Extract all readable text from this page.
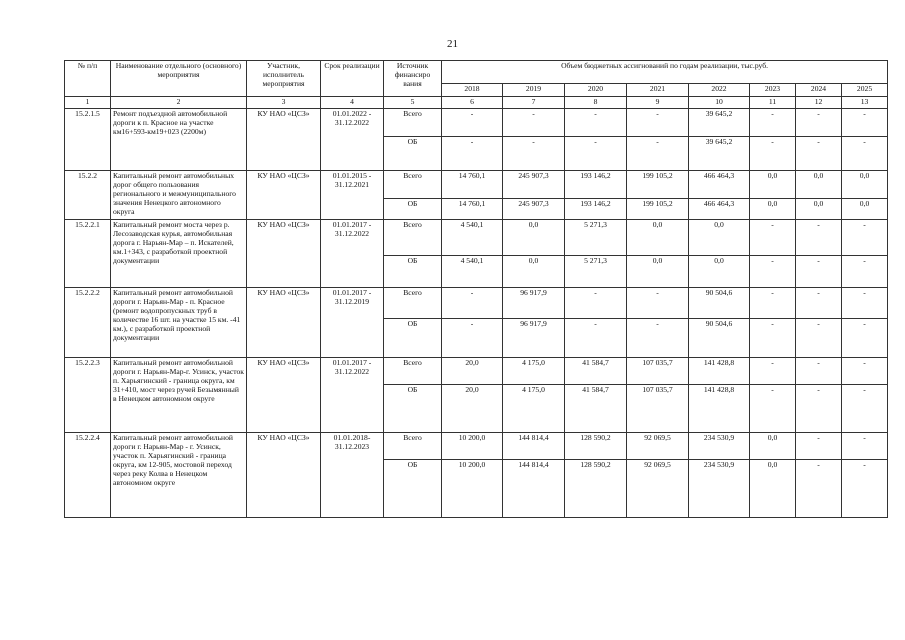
21
№ п/п	Наименование отдельного (основного) мероприятия	Участник, исполнитель мероприятия	Срок реализации	Источник финансиро вания	Объем бюджетных ассигнований по годам реализации, тыс.руб.							
					2018	2019	2020	2021	2022	2023	2024	2025
1	2	3	4	5	6	7	8	9	10	11	12	13
15.2.1.5	Ремонт подъездной автомобильной дороги к п. Красное на участке км16+593-км19+023 (2200м)	КУ НАО «ЦСЗ»	01.01.2022 - 31.12.2022	Всего	-	-	-	-	39 645,2	-	-	-
				ОБ	-	-	-	-	39 645,2	-	-	-
15.2.2	Капитальный ремонт автомобильных дорог общего пользования регионального и межмуниципального значения Ненецкого автономного округа	КУ НАО «ЦСЗ»	01.01.2015 - 31.12.2021	Всего	14 760,1	245 907,3	193 146,2	199 105,2	466 464,3	0,0	0,0	0,0
				ОБ	14 760,1	245 907,3	193 146,2	199 105,2	466 464,3	0,0	0,0	0,0
15.2.2.1	Капитальный ремонт моста через р. Лесозаводская курья, автомобильная дорога г. Нарьян-Мар – п. Искателей, км.1+343, с разработкой проектной документации	КУ НАО «ЦСЗ»	01.01.2017 - 31.12.2022	Всего	4 540,1	0,0	5 271,3	0,0	0,0	-	-	-
				ОБ	4 540,1	0,0	5 271,3	0,0	0,0	-	-	-
15.2.2.2	Капитальный ремонт автомобильной дороги г. Нарьян-Мар - п. Красное (ремонт водопропускных труб в количестве 16 шт. на участке 15 км. -41 км.), с разработкой проектной документации	КУ НАО «ЦСЗ»	01.01.2017 - 31.12.2019	Всего	-	96 917,9	-	-	90 504,6	-	-	-
				ОБ	-	96 917,9	-	-	90 504,6	-	-	-
15.2.2.3	Капитальный ремонт автомобильной дороги г. Нарьян-Мар-г. Усинск, участок п. Харьягинский - граница округа, км 31+410, мост через ручей Безымянный в Ненецком автономном округе	КУ НАО «ЦСЗ»	01.01.2017 - 31.12.2022	Всего	20,0	4 175,0	41 584,7	107 035,7	141 428,8	-	-	-
				ОБ	20,0	4 175,0	41 584,7	107 035,7	141 428,8	-	-	-
15.2.2.4	Капитальный ремонт автомобильной дороги г. Нарьян-Мар - г. Усинск, участок п. Харьягинский - граница округа, км 12-905, мостовой переход через реку Колва в Ненецком автономном округе	КУ НАО «ЦСЗ»	01.01.2018- 31.12.2023	Всего	10 200,0	144 814,4	128 590,2	92 069,5	234 530,9	0,0	-	-
				ОБ	10 200,0	144 814,4	128 590,2	92 069,5	234 530,9	0,0	-	-
